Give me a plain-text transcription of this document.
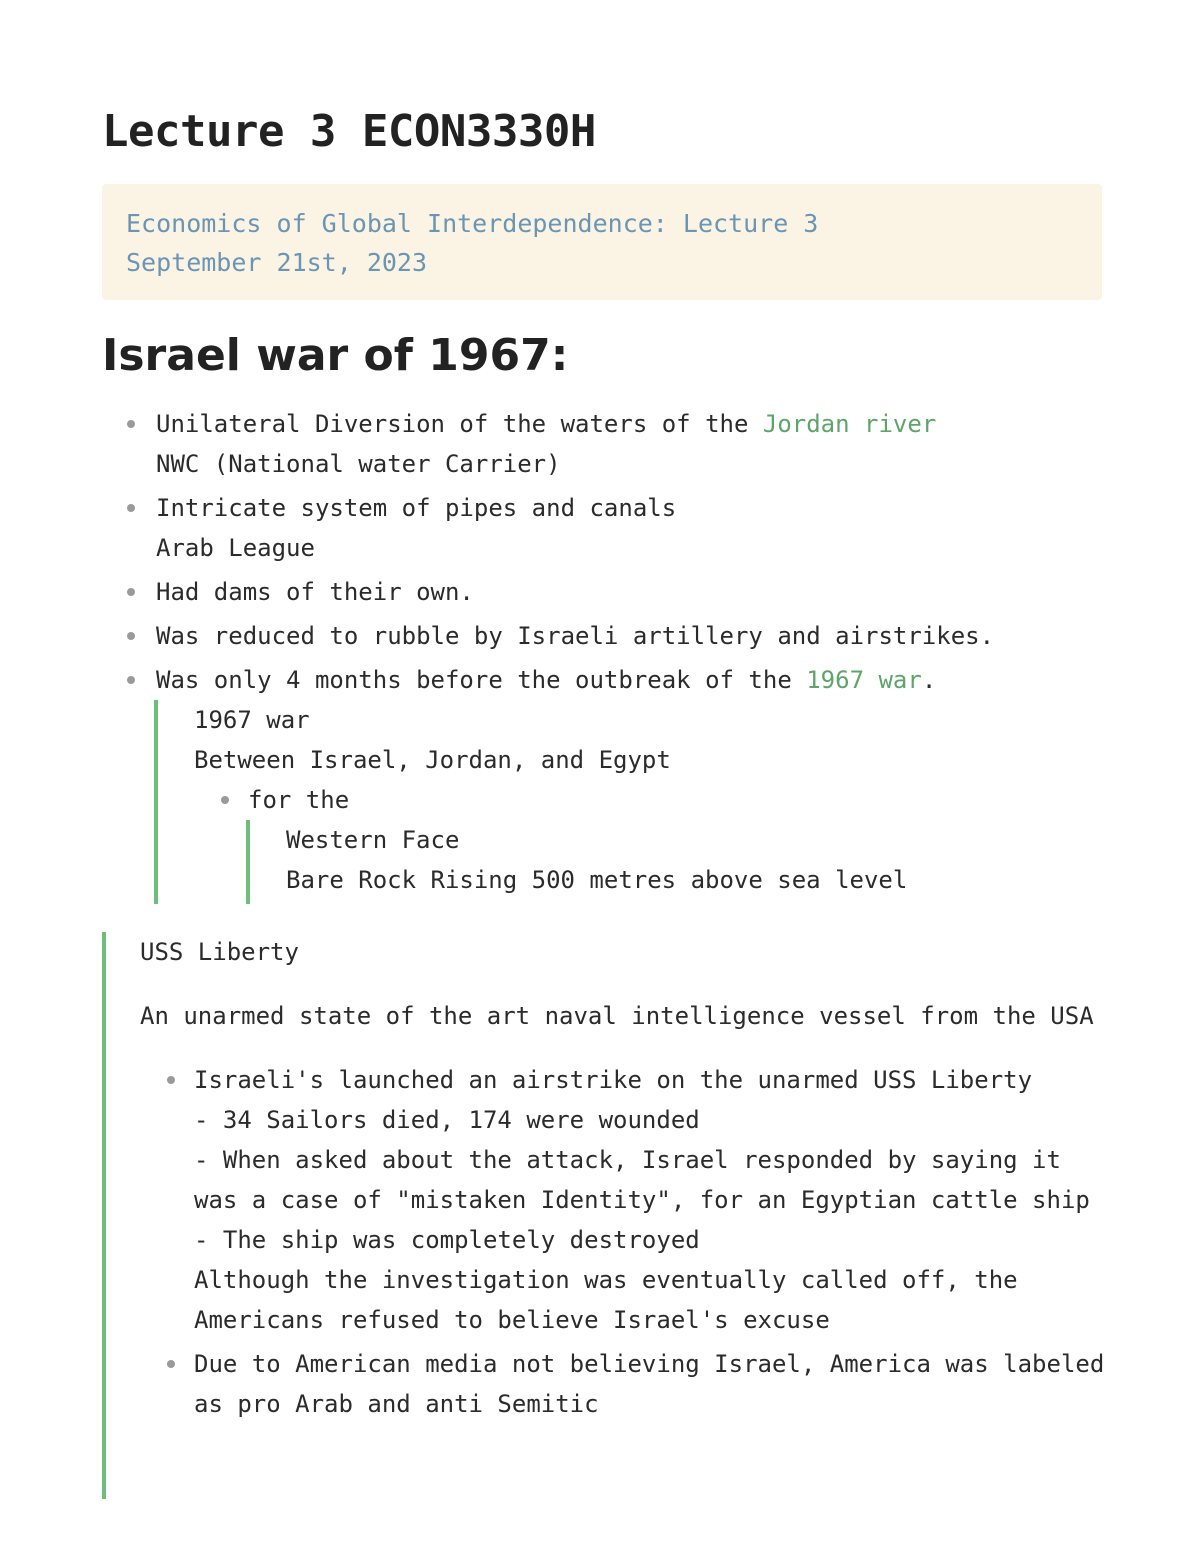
Lecture 3 ECON3330H
Economics of Global Interdependence: Lecture 3
September 21st, 2023
Israel war of 1967:
Unilateral Diversion of the waters of the Jordan river
NWC (National water Carrier)
Intricate system of pipes and canals
Arab League
Had dams of their own.
Was reduced to rubble by Israeli artillery and airstrikes.
Was only 4 months before the outbreak of the 1967 war.
1967 war
Between Israel, Jordan, and Egypt
for the
Western Face
Bare Rock Rising 500 metres above sea level
USS Liberty
An unarmed state of the art naval intelligence vessel from the USA
Israeli's launched an airstrike on the unarmed USS Liberty
- 34 Sailors died, 174 were wounded
- When asked about the attack, Israel responded by saying it
was a case of "mistaken Identity", for an Egyptian cattle ship
- The ship was completely destroyed
Although the investigation was eventually called off, the
Americans refused to believe Israel's excuse
Due to American media not believing Israel, America was labeled
as pro Arab and anti Semitic
